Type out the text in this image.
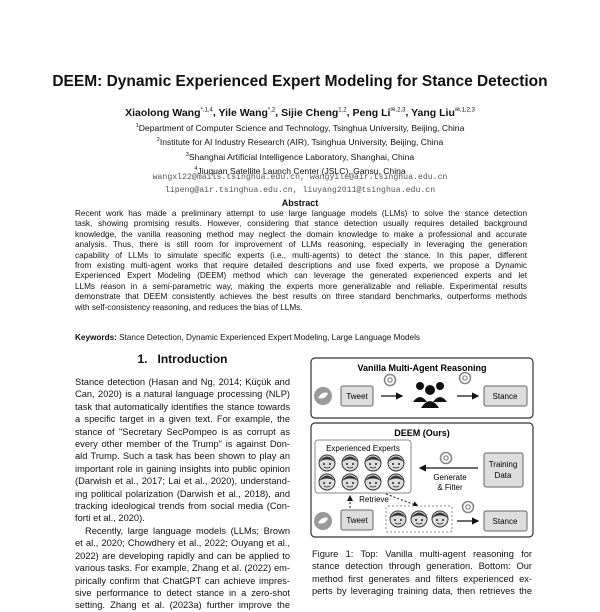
DEEM: Dynamic Experienced Expert Modeling for Stance Detection
Xiaolong Wang$^{*,1,4}$, Yile Wang$^{*,2}$, Sijie Cheng$^{1,2}$, Peng $Li^{✉,2,3}$, Yang Liu$^{✉,1,2,3}$
$^1$Department of Computer Science and Technology, Tsinghua University, Beijing, China
$^2$Institute for AI Industry Research (AIR), Tsinghua University, Beijing, China
$^3$Shanghai Artificial Intelligence Laboratory, Shanghai, China
$^4$Jiuquan Satellite Launch Center (JSLC), Gansu, China
wangxl22@mails.tsinghua.edu.cn, wangyile@air.tsinghua.edu.cn
lipeng@air.tsinghua.edu.cn, liuyang2011@tsinghua.edu.cn
Abstract
Recent work has made a preliminary attempt to use large language models (LLMs) to solve the stance detection
task, showing promising results. However, considering that stance detection usually requires detailed background
knowledge, the vanilla reasoning method may neglect the domain knowledge to make a professional and accurate
analysis. Thus, there is still room for improvement of LLMs reasoning, especially in leveraging the generation
capability of LLMs to simulate specific experts (i.e., multi-agents) to detect the stance. In this paper, different
from existing multi-agent works that require detailed descriptions and use fixed experts, we propose a Dynamic
Experienced Expert Modeling (DEEM) method which can leverage the generated experienced experts and let
LLMs reason in a semi-parametric way, making the experts more generalizable and reliable. Experimental results
demonstrate that DEEM consistently achieves the best results on three standard benchmarks, outperforms methods
with self-consistency reasoning, and reduces the bias of LLMs.
Keywords: Stance Detection, Dynamic Experienced Expert Modeling, Large Language Models
1.   Introduction
Stance detection (Hasan and Ng, 2014; Küçük and
Can, 2020) is a natural language processing (NLP)
task that automatically identifies the stance towards
a specific target in a given text. For example, the
stance of "Secretary SecPompeo is as corrupt as
every other member of the Trump" is against Don-
ald Trump. Such a task has been shown to play an
important role in gaining insights into public opinion
(Darwish et al., 2017; Lai et al., 2020), understand-
ing political polarization (Darwish et al., 2018), and
tracking ideological trends from social media (Con-
forti et al., 2020).
Recently, large language models (LLMs; Brown
et al., 2020; Chowdhery et al., 2022; Ouyang et al.,
2022) are developing rapidly and can be applied to
various tasks. For example, Zhang et al. (2022) em-
pirically confirm that ChatGPT can achieve impres-
sive performance to detect stance in a zero-shot
setting. Zhang et al. (2023a) further improve the
Vanilla Multi-Agent Reasoning
Tweet	Stance
DEEM (Ours)
Experienced Experts
Training
Data
Generate
& Filter
Retrieve
Tweet	Stance
Figure 1: Top: Vanilla multi-agent reasoning for
stance detection through generation. Bottom: Our
method first generates and filters experienced ex-
perts by leveraging training data, then retrieves the
